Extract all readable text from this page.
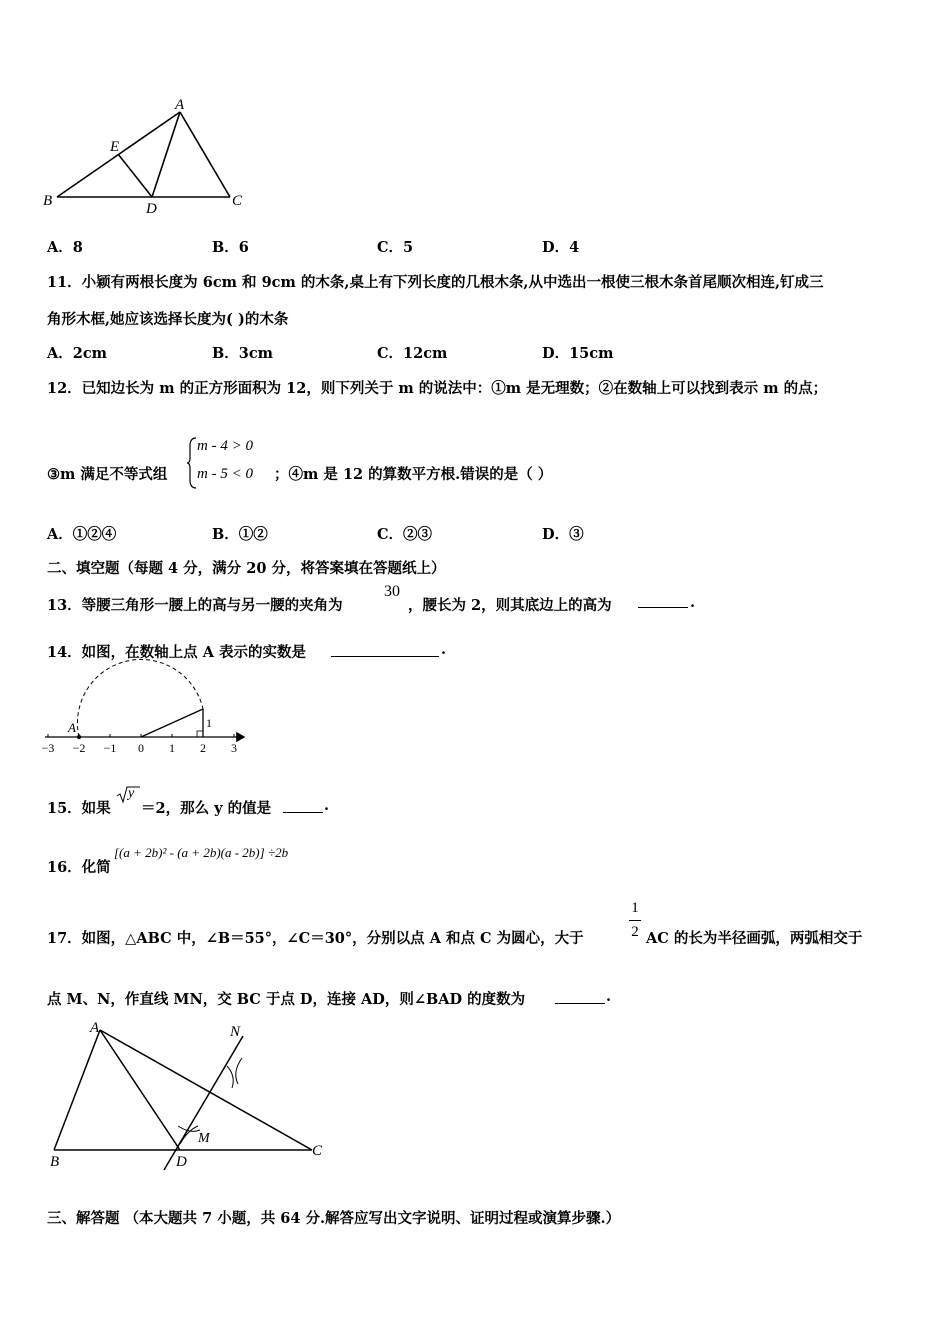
A
E
B	D	C
A．8	B．6	C．5	D．4
11．小颖有两根长度为 6cm 和 9cm 的木条,桌上有下列长度的几根木条,从中选出一根使三根木条首尾顺次相连,钉成三
角形木框,她应该选择长度为( )的木条
A．2cm	B．3cm	C．12cm	D．15cm
12．已知边长为 m 的正方形面积为 12，则下列关于 m 的说法中：①m 是无理数；②在数轴上可以找到表示 m 的点；
③m 满足不等式组
m - 4 > 0
m - 5 < 0 ；④m 是 12 的算数平方根.错误的是（ ）
A．①②④	B．①②	C．②③	D．③
二、填空题（每题 4 分，满分 20 分，将答案填在答题纸上）
13．等腰三角形一腰上的高与另一腰的夹角为
30
，腰长为 2，则其底边上的高为	.
14．如图，在数轴上点 A 表示的实数是	.
−3 −2 −1 0 1 2 3
A	1
15．如果
y
＝2，那么 y 的值是	.
16．化简
[(a + 2b)² - (a + 2b)(a - 2b)] ÷2b
17．如图，△ABC 中，∠B＝55°，∠C＝30°，分别以点 A 和点 C 为圆心，大于
1
2 AC 的长为半径画弧，两弧相交于
点 M、N，作直线 MN，交 BC 于点 D，连接 AD，则∠BAD 的度数为	.
A	N
M
B	D
C
三、解答题 （本大题共 7 小题，共 64 分.解答应写出文字说明、证明过程或演算步骤.）
